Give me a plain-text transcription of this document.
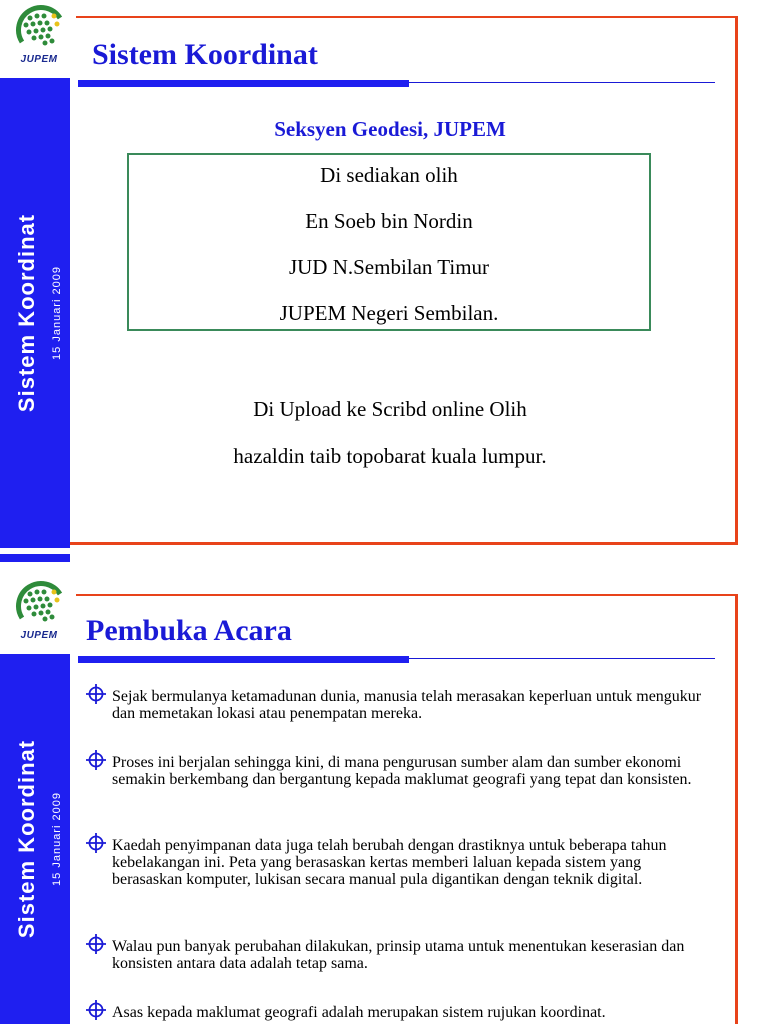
JUPEM
Sistem Koordinat 15 Januari 2009
Sistem Koordinat
Seksyen Geodesi, JUPEM
Di sediakan olih
En Soeb bin Nordin
JUD N.Sembilan Timur
JUPEM Negeri Sembilan.
Di Upload ke Scribd online Olih
hazaldin taib topobarat kuala lumpur.
JUPEM
Sistem Koordinat 15 Januari 2009
Pembuka Acara
Sejak bermulanya ketamadunan dunia, manusia telah merasakan keperluan untuk mengukur dan memetakan lokasi atau penempatan mereka.
Proses ini berjalan sehingga kini, di mana pengurusan sumber alam dan sumber ekonomi semakin berkembang dan bergantung kepada maklumat geografi yang tepat dan konsisten.
Kaedah penyimpanan data juga telah berubah dengan drastiknya untuk beberapa tahun kebelakangan ini. Peta yang berasaskan kertas memberi laluan kepada sistem yang berasaskan komputer, lukisan secara manual pula digantikan dengan teknik digital.
Walau pun banyak perubahan dilakukan, prinsip utama untuk menentukan keserasian dan konsisten antara data adalah tetap sama.
Asas kepada maklumat geografi adalah merupakan sistem rujukan koordinat.
